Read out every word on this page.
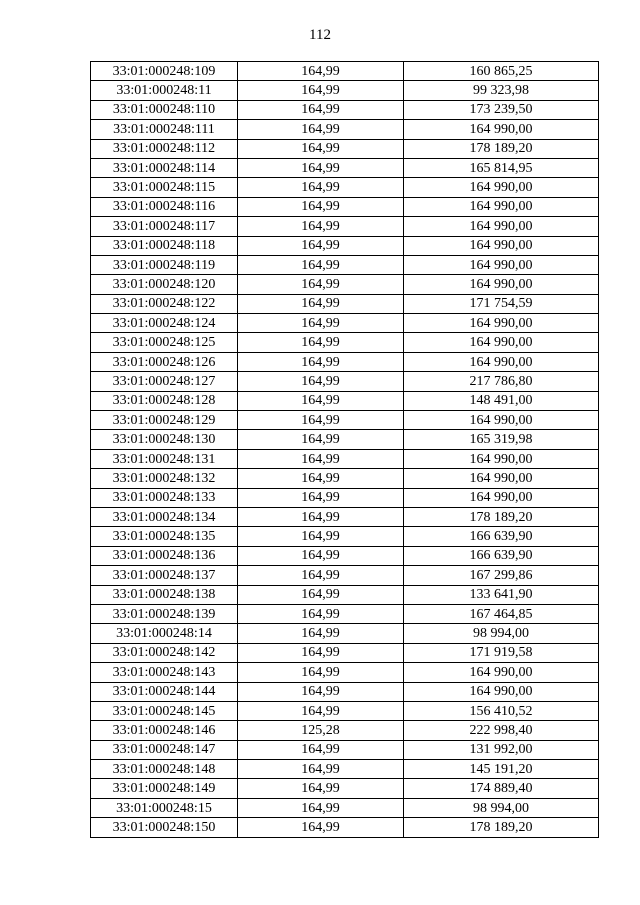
112
33:01:000248:109	164,99	160 865,25
33:01:000248:11	164,99	99 323,98
33:01:000248:110	164,99	173 239,50
33:01:000248:111	164,99	164 990,00
33:01:000248:112	164,99	178 189,20
33:01:000248:114	164,99	165 814,95
33:01:000248:115	164,99	164 990,00
33:01:000248:116	164,99	164 990,00
33:01:000248:117	164,99	164 990,00
33:01:000248:118	164,99	164 990,00
33:01:000248:119	164,99	164 990,00
33:01:000248:120	164,99	164 990,00
33:01:000248:122	164,99	171 754,59
33:01:000248:124	164,99	164 990,00
33:01:000248:125	164,99	164 990,00
33:01:000248:126	164,99	164 990,00
33:01:000248:127	164,99	217 786,80
33:01:000248:128	164,99	148 491,00
33:01:000248:129	164,99	164 990,00
33:01:000248:130	164,99	165 319,98
33:01:000248:131	164,99	164 990,00
33:01:000248:132	164,99	164 990,00
33:01:000248:133	164,99	164 990,00
33:01:000248:134	164,99	178 189,20
33:01:000248:135	164,99	166 639,90
33:01:000248:136	164,99	166 639,90
33:01:000248:137	164,99	167 299,86
33:01:000248:138	164,99	133 641,90
33:01:000248:139	164,99	167 464,85
33:01:000248:14	164,99	98 994,00
33:01:000248:142	164,99	171 919,58
33:01:000248:143	164,99	164 990,00
33:01:000248:144	164,99	164 990,00
33:01:000248:145	164,99	156 410,52
33:01:000248:146	125,28	222 998,40
33:01:000248:147	164,99	131 992,00
33:01:000248:148	164,99	145 191,20
33:01:000248:149	164,99	174 889,40
33:01:000248:15	164,99	98 994,00
33:01:000248:150	164,99	178 189,20
